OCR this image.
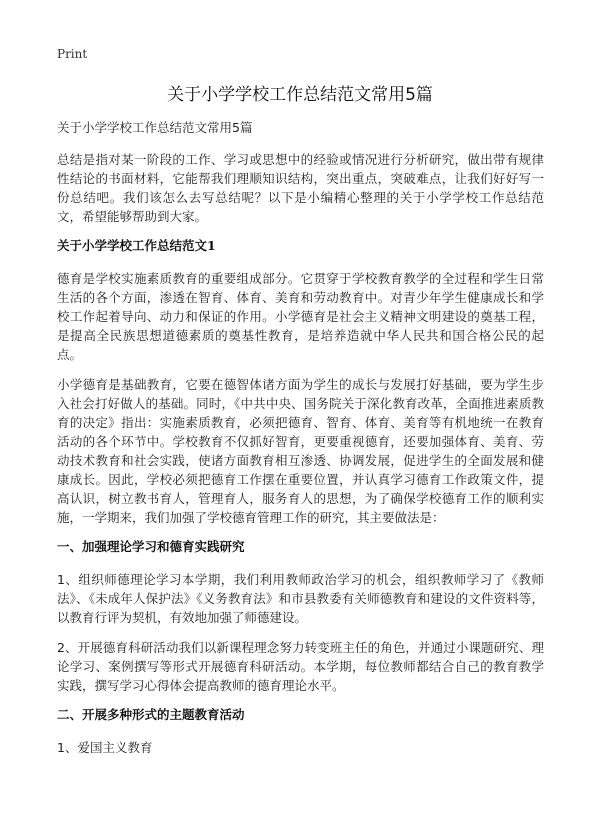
Print
关于小学学校工作总结范文常用5篇
关于小学学校工作总结范文常用5篇

总结是指对某一阶段的工作、学习或思想中的经验或情况进行分析研究，做出带有规律性结论的书面材料，它能帮我们理顺知识结构，突出重点，突破难点，让我们好好写一份总结吧。我们该怎么去写总结呢？以下是小编精心整理的关于小学学校工作总结范文，希望能够帮助到大家。

关于小学学校工作总结范文1

德育是学校实施素质教育的重要组成部分。它贯穿于学校教育教学的全过程和学生日常生活的各个方面，渗透在智育、体育、美育和劳动教育中。对青少年学生健康成长和学校工作起着导向、动力和保证的作用。小学德育是社会主义精神文明建设的奠基工程，是提高全民族思想道德素质的奠基性教育，是培养造就中华人民共和国合格公民的起点。

小学德育是基础教育，它要在德智体诸方面为学生的成长与发展打好基础，要为学生步入社会打好做人的基础。同时，《中共中央、国务院关于深化教育改革，全面推进素质教育的决定》指出：实施素质教育，必须把德育、智育、体育、美育等有机地统一在教育活动的各个环节中。学校教育不仅抓好智育，更要重视德育，还要加强体育、美育、劳动技术教育和社会实践，使诸方面教育相互渗透、协调发展，促进学生的全面发展和健康成长。因此，学校必须把德育工作摆在重要位置，并认真学习德育工作政策文件，提高认识，树立教书育人，管理育人，服务育人的思想，为了确保学校德育工作的顺利实施，一学期来，我们加强了学校德育管理工作的研究，其主要做法是：

一、加强理论学习和德育实践研究

1、组织师德理论学习本学期，我们利用教师政治学习的机会，组织教师学习了《教师法》、《未成年人保护法》《义务教育法》和市县教委有关师德教育和建设的文件资料等，以教育行评为契机，有效地加强了师德建设。

2、开展德育科研活动我们以新课程理念努力转变班主任的角色，并通过小课题研究、理论学习、案例撰写等形式开展德育科研活动。本学期，每位教师都结合自己的教育教学实践，撰写学习心得体会提高教师的德育理论水平。

二、开展多种形式的主题教育活动

1、爱国主义教育
